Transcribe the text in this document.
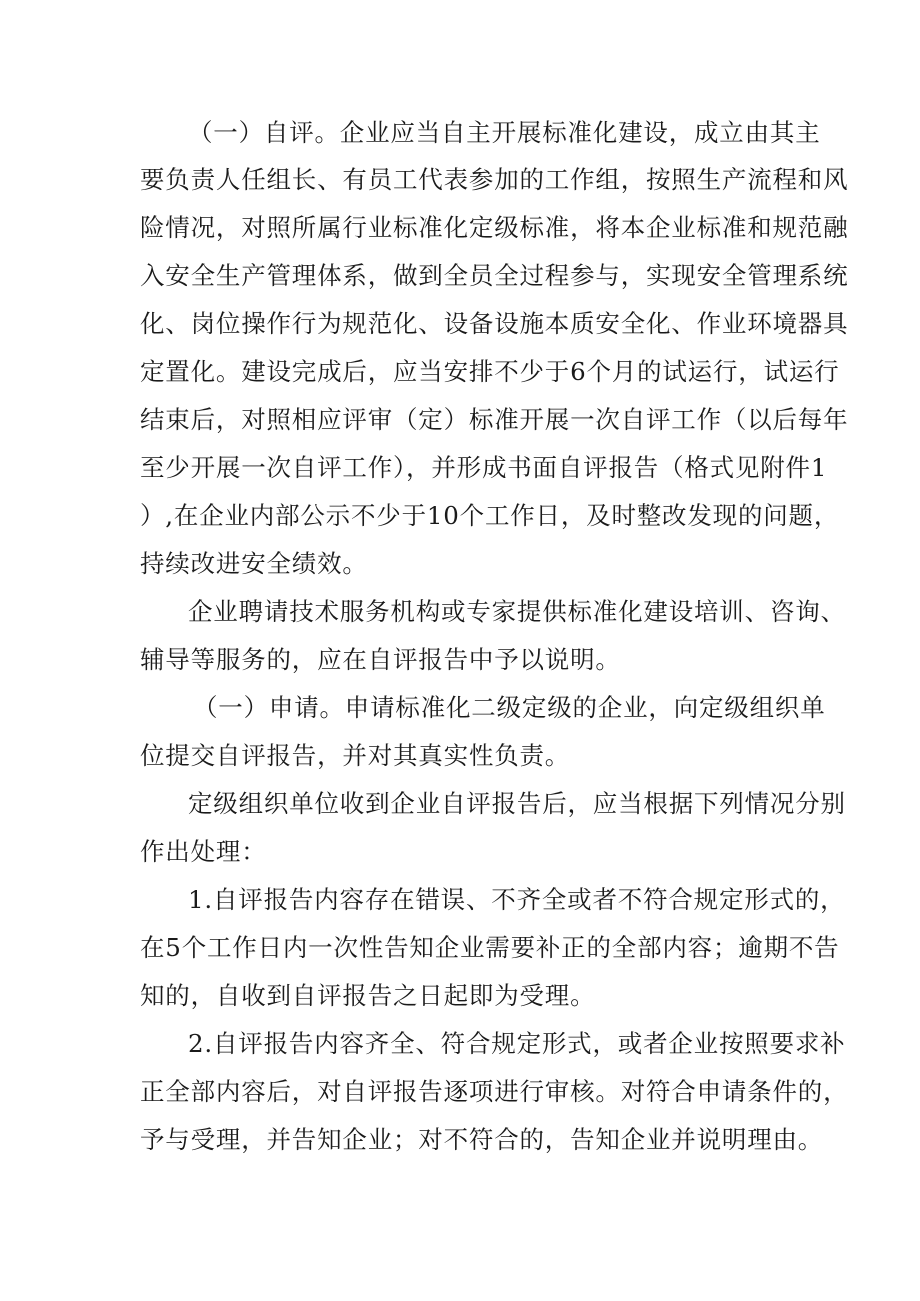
（一）自评。企业应当自主开展标准化建设，成立由其主
要负责人任组长、有员工代表参加的工作组，按照生产流程和风
险情况，对照所属行业标准化定级标准，将本企业标准和规范融
入安全生产管理体系，做到全员全过程参与，实现安全管理系统
化、岗位操作行为规范化、设备设施本质安全化、作业环境器具
定置化。建设完成后，应当安排不少于6个月的试运行，试运行
结束后，对照相应评审（定）标准开展一次自评工作（以后每年
至少开展一次自评工作），并形成书面自评报告（格式见附件1
）,在企业内部公示不少于10个工作日，及时整改发现的问题，
持续改进安全绩效。
企业聘请技术服务机构或专家提供标准化建设培训、咨询、
辅导等服务的，应在自评报告中予以说明。
（一）申请。申请标准化二级定级的企业，向定级组织单
位提交自评报告，并对其真实性负责。
定级组织单位收到企业自评报告后，应当根据下列情况分别
作出处理：
1.自评报告内容存在错误、不齐全或者不符合规定形式的，
在5个工作日内一次性告知企业需要补正的全部内容；逾期不告
知的，自收到自评报告之日起即为受理。
2.自评报告内容齐全、符合规定形式，或者企业按照要求补
正全部内容后，对自评报告逐项进行审核。对符合申请条件的，
予与受理，并告知企业；对不符合的，告知企业并说明理由。
